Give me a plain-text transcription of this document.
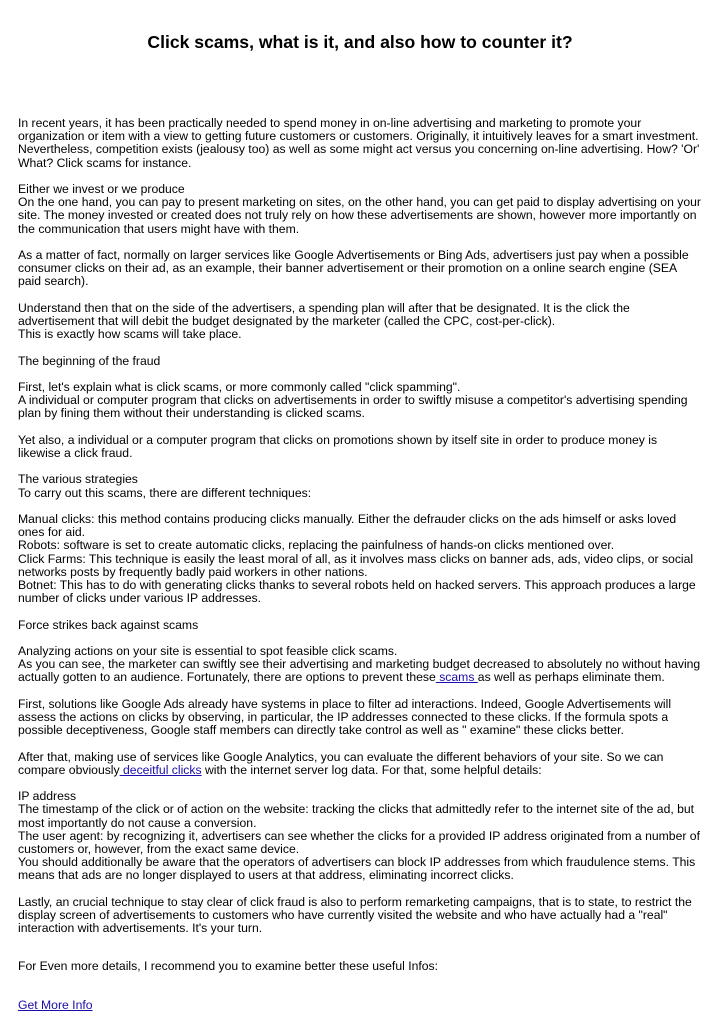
Click scams, what is it, and also how to counter it?

In recent years, it has been practically needed to spend money in on-line advertising and marketing to promote your organization or item with a view to getting future customers or customers. Originally, it intuitively leaves for a smart investment. Nevertheless, competition exists (jealousy too) as well as some might act versus you concerning on-line advertising. How? 'Or' What? Click scams for instance.

Either we invest or we produce
On the one hand, you can pay to present marketing on sites, on the other hand, you can get paid to display advertising on your site. The money invested or created does not truly rely on how these advertisements are shown, however more importantly on the communication that users might have with them.

As a matter of fact, normally on larger services like Google Advertisements or Bing Ads, advertisers just pay when a possible consumer clicks on their ad, as an example, their banner advertisement or their promotion on a online search engine (SEA paid search).

Understand then that on the side of the advertisers, a spending plan will after that be designated. It is the click the advertisement that will debit the budget designated by the marketer (called the CPC, cost-per-click).
This is exactly how scams will take place.

The beginning of the fraud

First, let's explain what is click scams, or more commonly called "click spamming".
A individual or computer program that clicks on advertisements in order to swiftly misuse a competitor's advertising spending plan by fining them without their understanding is clicked scams.

Yet also, a individual or a computer program that clicks on promotions shown by itself site in order to produce money is likewise a click fraud.

The various strategies
To carry out this scams, there are different techniques:

Manual clicks: this method contains producing clicks manually. Either the defrauder clicks on the ads himself or asks loved ones for aid.
Robots: software is set to create automatic clicks, replacing the painfulness of hands-on clicks mentioned over.
Click Farms: This technique is easily the least moral of all, as it involves mass clicks on banner ads, ads, video clips, or social networks posts by frequently badly paid workers in other nations.
Botnet: This has to do with generating clicks thanks to several robots held on hacked servers. This approach produces a large number of clicks under various IP addresses.

Force strikes back against scams

Analyzing actions on your site is essential to spot feasible click scams.
As you can see, the marketer can swiftly see their advertising and marketing budget decreased to absolutely no without having actually gotten to an audience. Fortunately, there are options to prevent these scams as well as perhaps eliminate them.

First, solutions like Google Ads already have systems in place to filter ad interactions. Indeed, Google Advertisements will assess the actions on clicks by observing, in particular, the IP addresses connected to these clicks. If the formula spots a possible deceptiveness, Google staff members can directly take control as well as " examine" these clicks better.

After that, making use of services like Google Analytics, you can evaluate the different behaviors of your site. So we can compare obviously deceitful clicks with the internet server log data. For that, some helpful details:

IP address
The timestamp of the click or of action on the website: tracking the clicks that admittedly refer to the internet site of the ad, but most importantly do not cause a conversion.
The user agent: by recognizing it, advertisers can see whether the clicks for a provided IP address originated from a number of customers or, however, from the exact same device.
You should additionally be aware that the operators of advertisers can block IP addresses from which fraudulence stems. This means that ads are no longer displayed to users at that address, eliminating incorrect clicks.

Lastly, an crucial technique to stay clear of click fraud is also to perform remarketing campaigns, that is to state, to restrict the display screen of advertisements to customers who have currently visited the website and who have actually had a "real" interaction with advertisements. It's your turn.

For Even more details, I recommend you to examine better these useful Infos:

Get More Info
